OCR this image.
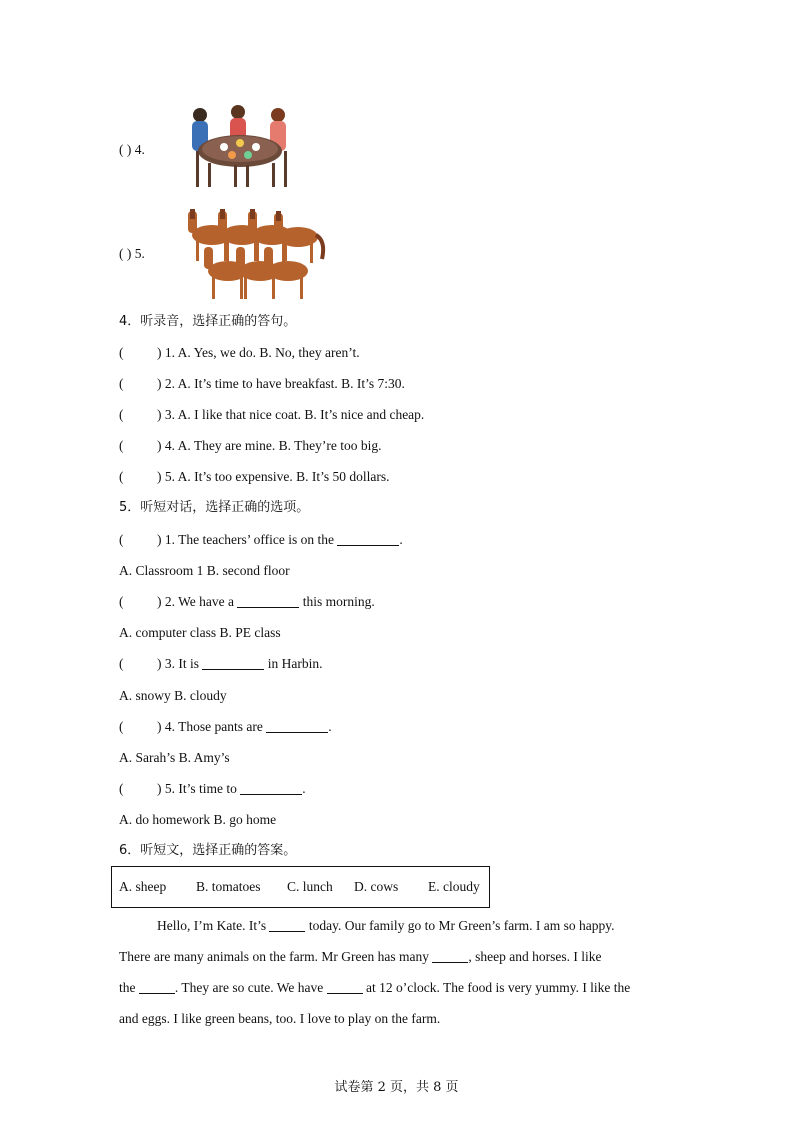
( ) 4.
( ) 5.
4．听录音，选择正确的答句。
( ) 1. A. Yes, we do. B. No, they aren’t.
( ) 2. A. It’s time to have breakfast. B. It’s 7:30.
( ) 3. A. I like that nice coat. B. It’s nice and cheap.
( ) 4. A. They are mine. B. They’re too big.
( ) 5. A. It’s too expensive. B. It’s 50 dollars.
5．听短对话，选择正确的选项。
( ) 1. The teachers’ office is on the	.
A. Classroom 1 B. second floor
( ) 2. We have a	this morning.
A. computer class B. PE class
( ) 3. It is	in Harbin.
A. snowy B. cloudy
( ) 4. Those pants are	.
A. Sarah’s B. Amy’s
( ) 5. It’s time to	.
A. do homework B. go home
6．听短文，选择正确的答案。
A. sheep B. tomatoes C. lunch D. cows E. cloudy
Hello, I’m Kate. It’s	today. Our family go to Mr Green’s farm. I am so happy.
There are many animals on the farm. Mr Green has many	, sheep and horses. I like
the	. They are so cute. We have	at 12 o’clock. The food is very yummy. I like the
and eggs. I like green beans, too. I love to play on the farm.
试卷第 2 页，共 8 页
